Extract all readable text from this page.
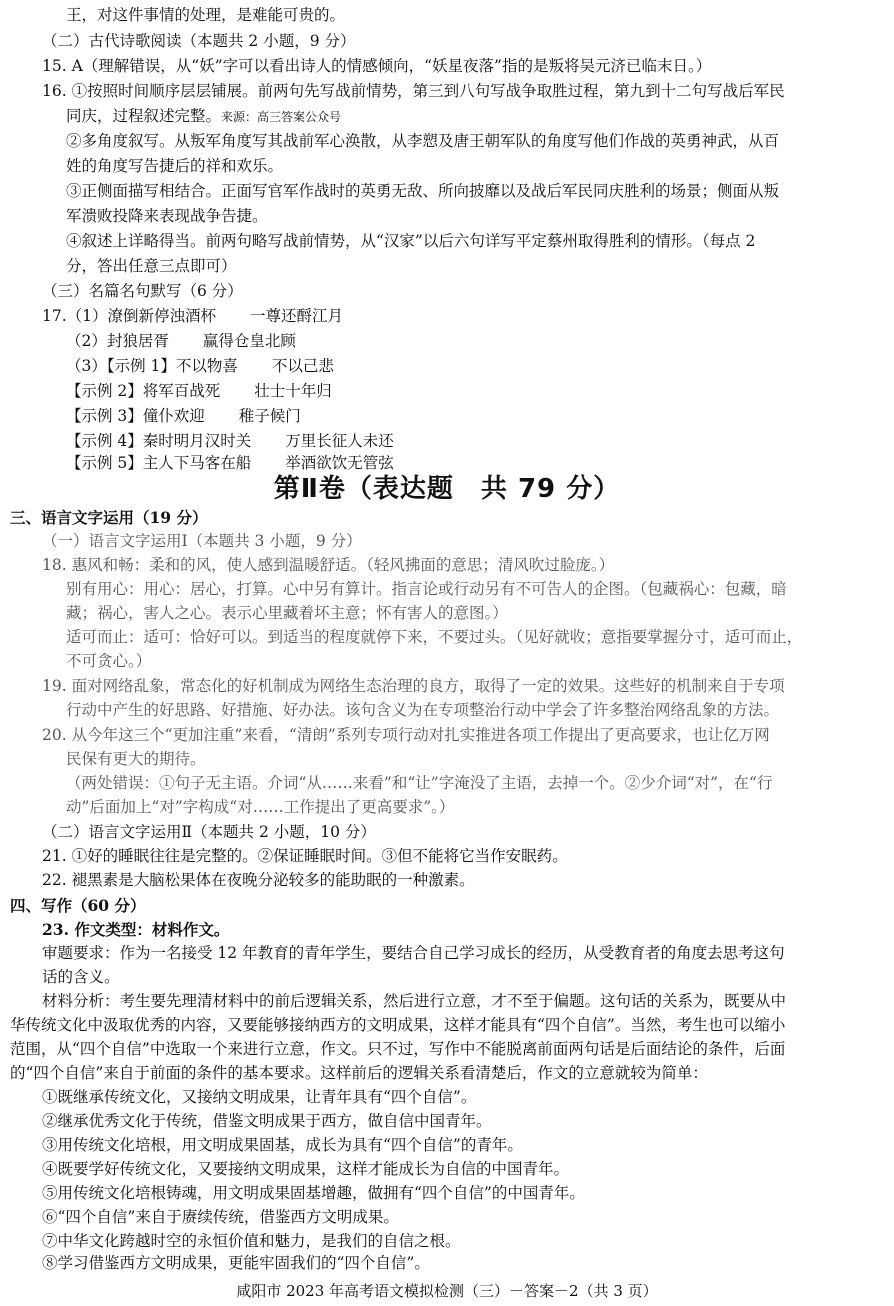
王，对这件事情的处理，是难能可贵的。
（二）古代诗歌阅读（本题共 2 小题，9 分）
15. A（理解错误，从“妖”字可以看出诗人的情感倾向，“妖星夜落”指的是叛将吴元济已临末日。）
16. ①按照时间顺序层层铺展。前两句先写战前情势，第三到八句写战争取胜过程，第九到十二句写战后军民
同庆，过程叙述完整。来源：高三答案公众号
②多角度叙写。从叛军角度写其战前军心涣散，从李愬及唐王朝军队的角度写他们作战的英勇神武，从百
姓的角度写告捷后的祥和欢乐。
③正侧面描写相结合。正面写官军作战时的英勇无敌、所向披靡以及战后军民同庆胜利的场景；侧面从叛
军溃败投降来表现战争告捷。
④叙述上详略得当。前两句略写战前情势，从“汉家”以后六句详写平定蔡州取得胜利的情形。（每点 2
分，答出任意三点即可）
（三）名篇名句默写（6 分）
17.（1）潦倒新停浊酒杯 一尊还酹江月
（2）封狼居胥 赢得仓皇北顾
（3）【示例 1】不以物喜 不以己悲
【示例 2】将军百战死 壮士十年归
【示例 3】僮仆欢迎 稚子候门
【示例 4】秦时明月汉时关 万里长征人未还
【示例 5】主人下马客在船 举酒欲饮无管弦
第Ⅱ卷（表达题　共 79 分）
三、语言文字运用（19 分）
（一）语言文字运用Ⅰ（本题共 3 小题，9 分）
18. 惠风和畅：柔和的风，使人感到温暖舒适。（轻风拂面的意思；清风吹过脸庞。）
别有用心：用心：居心，打算。心中另有算计。指言论或行动另有不可告人的企图。（包藏祸心：包藏，暗
藏；祸心，害人之心。表示心里藏着坏主意；怀有害人的意图。）
适可而止：适可：恰好可以。到适当的程度就停下来，不要过头。（见好就收；意指要掌握分寸，适可而止，
不可贪心。）
19. 面对网络乱象，常态化的好机制成为网络生态治理的良方，取得了一定的效果。这些好的机制来自于专项
行动中产生的好思路、好措施、好办法。该句含义为在专项整治行动中学会了许多整治网络乱象的方法。
20. 从今年这三个“更加注重”来看，“清朗”系列专项行动对扎实推进各项工作提出了更高要求，也让亿万网
民保有更大的期待。
（两处错误：①句子无主语。介词“从……来看”和“让”字淹没了主语，去掉一个。②少介词“对”，在“行
动”后面加上“对”字构成“对……工作提出了更高要求”。）
（二）语言文字运用Ⅱ（本题共 2 小题，10 分）
21. ①好的睡眠往往是完整的。②保证睡眠时间。③但不能将它当作安眠药。
22. 褪黑素是大脑松果体在夜晚分泌较多的能助眠的一种激素。
四、写作（60 分）
23. 作文类型：材料作文。
审题要求：作为一名接受 12 年教育的青年学生，要结合自己学习成长的经历，从受教育者的角度去思考这句
话的含义。
材料分析：考生要先理清材料中的前后逻辑关系，然后进行立意，才不至于偏题。这句话的关系为，既要从中
华传统文化中汲取优秀的内容，又要能够接纳西方的文明成果，这样才能具有“四个自信”。当然，考生也可以缩小
范围，从“四个自信”中选取一个来进行立意，作文。只不过，写作中不能脱离前面两句话是后面结论的条件，后面
的“四个自信”来自于前面的条件的基本要求。这样前后的逻辑关系看清楚后，作文的立意就较为简单：
①既继承传统文化，又接纳文明成果，让青年具有“四个自信”。
②继承优秀文化于传统，借鉴文明成果于西方，做自信中国青年。
③用传统文化培根，用文明成果固基，成长为具有“四个自信”的青年。
④既要学好传统文化，又要接纳文明成果，这样才能成长为自信的中国青年。
⑤用传统文化培根铸魂，用文明成果固基增趣，做拥有“四个自信”的中国青年。
⑥“四个自信”来自于赓续传统，借鉴西方文明成果。
⑦中华文化跨越时空的永恒价值和魅力，是我们的自信之根。
⑧学习借鉴西方文明成果，更能牢固我们的“四个自信”。
咸阳市 2023 年高考语文模拟检测（三）－答案－2（共 3 页）
